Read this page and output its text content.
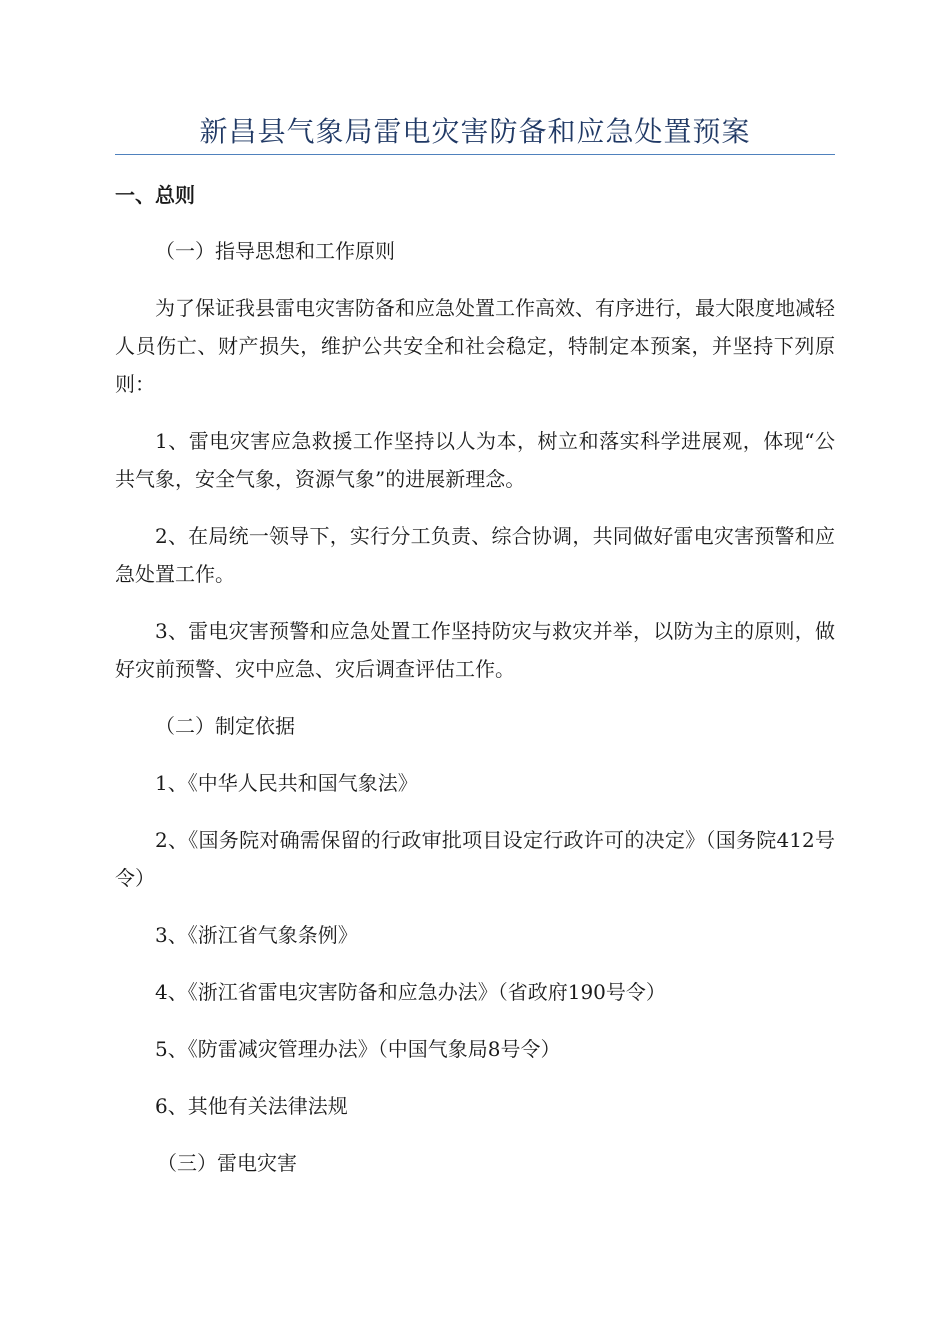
新昌县气象局雷电灾害防备和应急处置预案
一、总则

（一）指导思想和工作原则

为了保证我县雷电灾害防备和应急处置工作高效、有序进行，最大限度地减轻人员伤亡、财产损失，维护公共安全和社会稳定，特制定本预案，并坚持下列原则：

1、雷电灾害应急救援工作坚持以人为本，树立和落实科学进展观，体现“公共气象，安全气象，资源气象”的进展新理念。

2、在局统一领导下，实行分工负责、综合协调，共同做好雷电灾害预警和应急处置工作。

3、雷电灾害预警和应急处置工作坚持防灾与救灾并举，以防为主的原则，做好灾前预警、灾中应急、灾后调查评估工作。

（二）制定依据

1、《中华人民共和国气象法》

2、《国务院对确需保留的行政审批项目设定行政许可的决定》（国务院412号令）

3、《浙江省气象条例》

4、《浙江省雷电灾害防备和应急办法》（省政府190号令）

5、《防雷减灾管理办法》（中国气象局8号令）

6、其他有关法律法规

（三）雷电灾害
